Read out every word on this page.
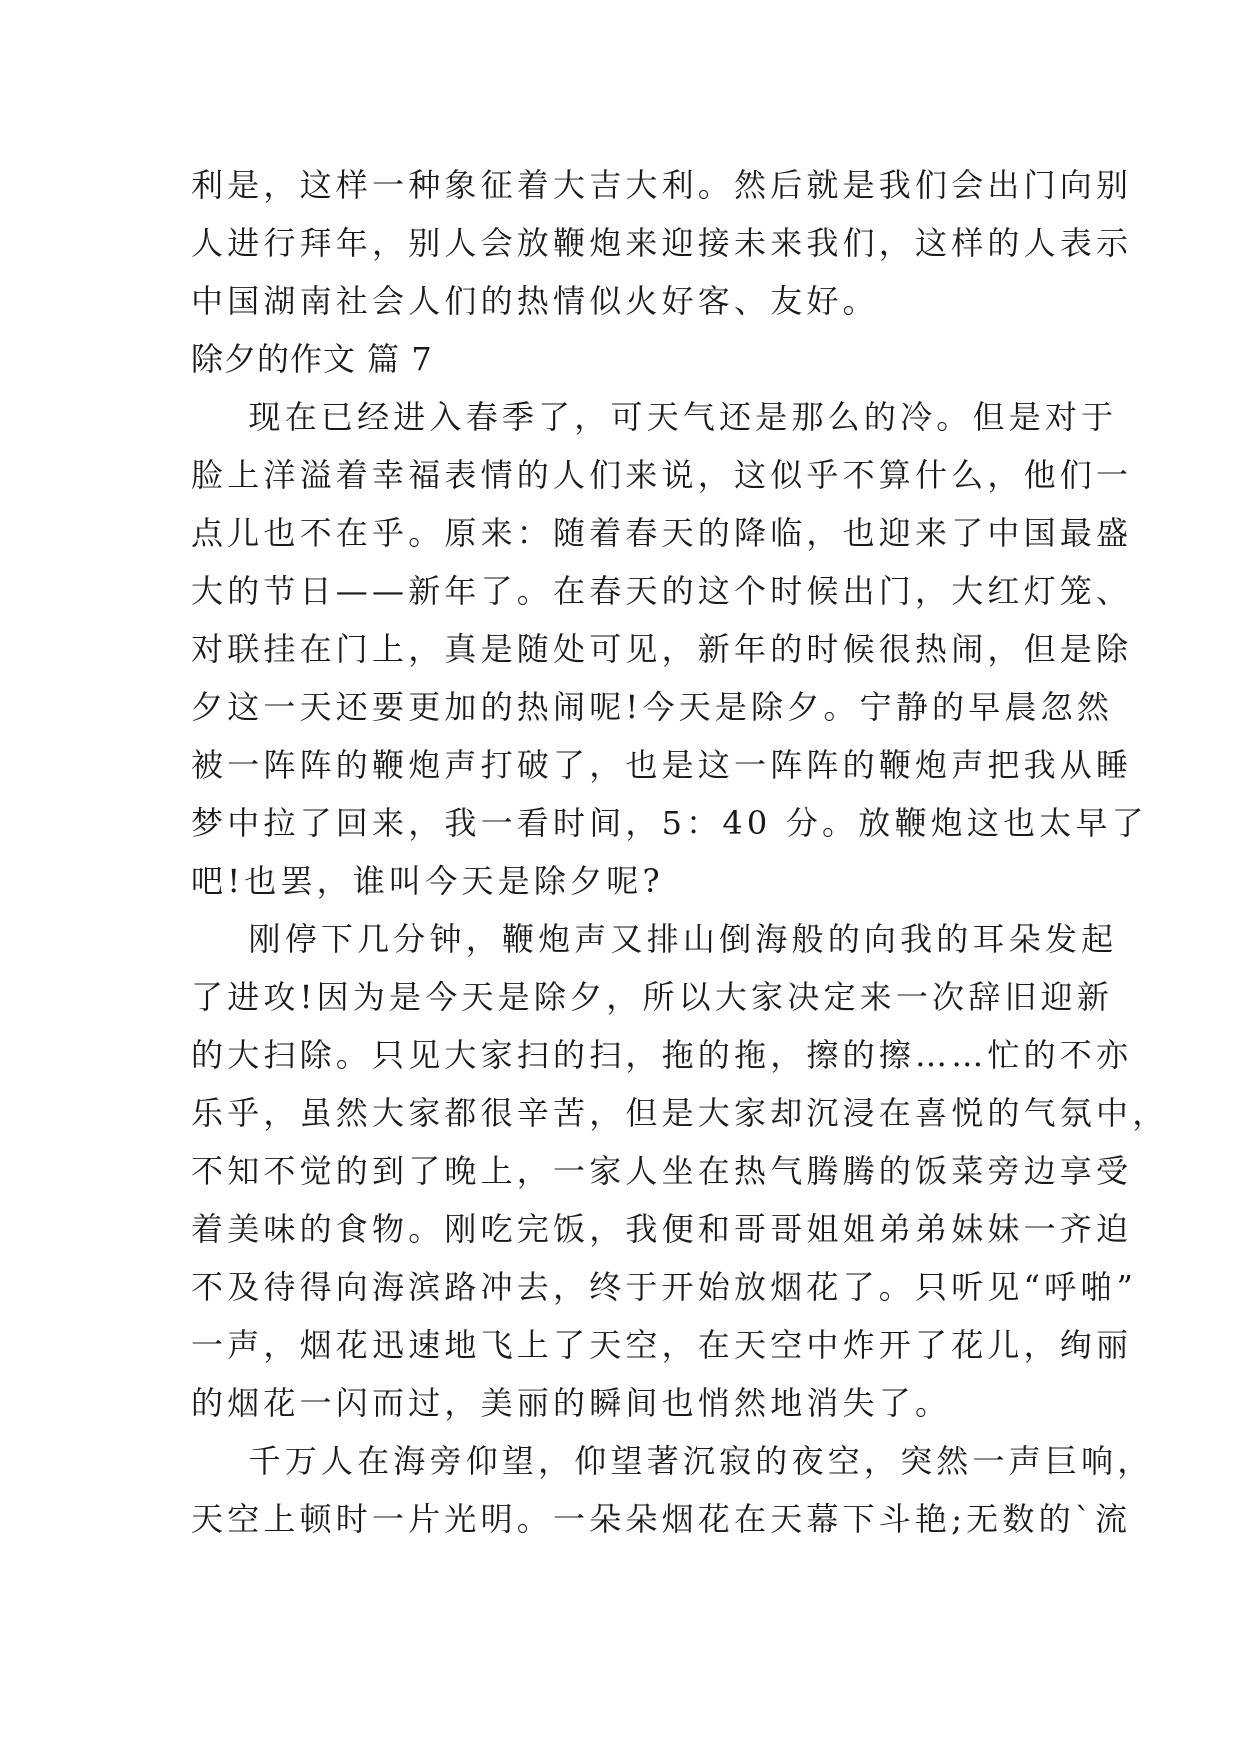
利是，这样一种象征着大吉大利。然后就是我们会出门向别
人进行拜年，别人会放鞭炮来迎接未来我们，这样的人表示
中国湖南社会人们的热情似火好客、友好。
除夕的作文 篇 7
现在已经进入春季了，可天气还是那么的冷。但是对于
脸上洋溢着幸福表情的人们来说，这似乎不算什么，他们一
点儿也不在乎。原来：随着春天的降临，也迎来了中国最盛
大的节日——新年了。在春天的这个时候出门，大红灯笼、
对联挂在门上，真是随处可见，新年的时候很热闹，但是除
夕这一天还要更加的热闹呢!今天是除夕。宁静的早晨忽然
被一阵阵的鞭炮声打破了，也是这一阵阵的鞭炮声把我从睡
梦中拉了回来，我一看时间，5：40 分。放鞭炮这也太早了
吧!也罢，谁叫今天是除夕呢?
刚停下几分钟，鞭炮声又排山倒海般的向我的耳朵发起
了进攻!因为是今天是除夕，所以大家决定来一次辞旧迎新
的大扫除。只见大家扫的扫，拖的拖，擦的擦……忙的不亦
乐乎，虽然大家都很辛苦，但是大家却沉浸在喜悦的气氛中，
不知不觉的到了晚上，一家人坐在热气腾腾的饭菜旁边享受
着美味的食物。刚吃完饭，我便和哥哥姐姐弟弟妹妹一齐迫
不及待得向海滨路冲去，终于开始放烟花了。只听见“呼啪”
一声，烟花迅速地飞上了天空，在天空中炸开了花儿，绚丽
的烟花一闪而过，美丽的瞬间也悄然地消失了。
千万人在海旁仰望，仰望著沉寂的夜空，突然一声巨响，
天空上顿时一片光明。一朵朵烟花在天幕下斗艳;无数的`流
